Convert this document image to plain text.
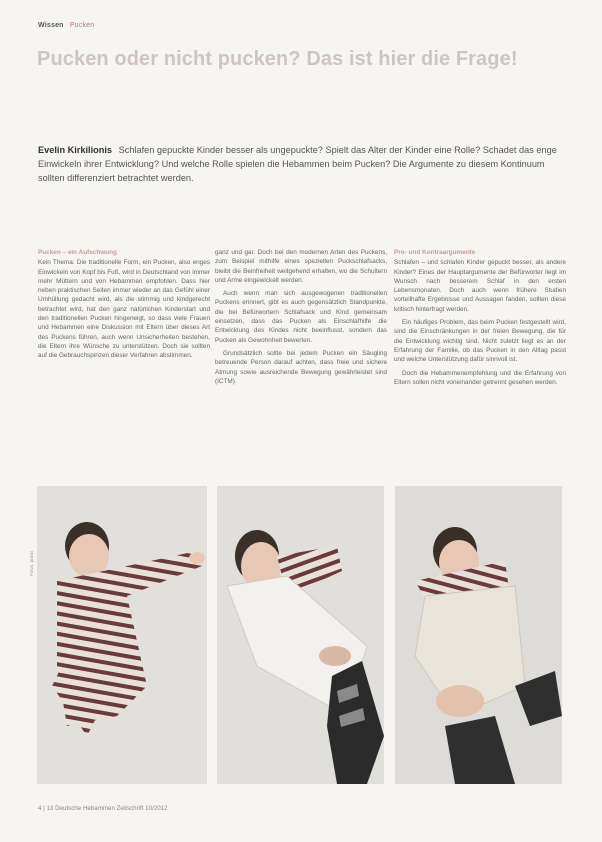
Wissen Pucken
Pucken oder nicht pucken? Das ist hier die Frage!
Evelin Kirkilionis Schlafen gepuckte Kinder besser als ungepuckte? Spielt das Alter der Kinder eine Rolle? Schadet das enge Einwickeln ihrer Entwicklung? Und welche Rolle spielen die Hebammen beim Pucken? Die Argumente zu diesem Kontinuum sollten differenziert betrachtet werden.
Pucken – ein Aufschwung

Kein Thema: Die traditionelle Form, ein Pucken, also enges Einwickeln von Kopf bis Fuß, wird in Deutschland von immer mehr Müttern und von Hebammen empfohlen. Dass hier neben praktischen Seiten immer wieder an das Gefühl einer Umhüllung gedacht wird, als die stimmig und kindgerecht betrachtet wird, hat den ganz natürlichen Kinderstart und den traditionellen Pucken hingeneigt, so dass viele Frauen und Hebammen eine Diskussion mit Eltern über dieses Art des Puckens führen, auch wenn Unsicherheiten bestehen, die Eltern ihre Wünsche zu unterstützen. Doch sie sollten auf die Gebrauchspinzen dieser Verfahren abstimmen.

ganz und gar. Doch bei den modernen Arten des Puckens, zum Beispiel mithilfe eines speziellen Puckschlafsacks, bleibt die Beinfreiheit weitgehend erhalten, wo die Schultern und Arme eingewickelt werden.

Auch wenn man sich ausgewogenen traditionellen Puckens erinnert, gibt es auch gegensätzlich Standpunkte, die bei Befürwortern Schlafsack und Kind gemeinsam einsetzen, dass das Pucken als Einschlafhilfe die Entwicklung des Kindes nicht beeinflusst, sondern das Pucken als Gewohnheit bewerten.

Grundsätzlich sollte bei jedem Pucken ein Säugling betreuende Person darauf achten, dass freie und sichere Atmung sowie ausreichende Bewegung gewährleistet sind (ICTM).

Pro- und Kontraargumente

Schlafen – und schlafen Kinder gepuckt besser, als andere Kinder? Eines der Hauptargumente der Befürworter liegt im Wunsch nach besserem Schlaf in den ersten Lebensmonaten. Doch auch wenn frühere Studien vorteilhafte Ergebnisse und Aussagen fanden, sollten diese kritisch hinterfragt werden.

Ein häufiges Problem, das beim Pucken festgestellt wird, sind die Einschränkungen in der freien Bewegung, die für die Entwicklung wichtig sind. Nicht zuletzt liegt es an der Erfahrung der Familie, ob das Pucken in den Alltag passt und welche Unterstützung dafür sinnvoll ist.

Doch die Hebammenempfehlung und die Erfahrung von Eltern sollen nicht voneinander getrennt gesehen werden.

Fotos: privat
4 | 13 Deutsche Hebammen Zeitschrift 10/2012
